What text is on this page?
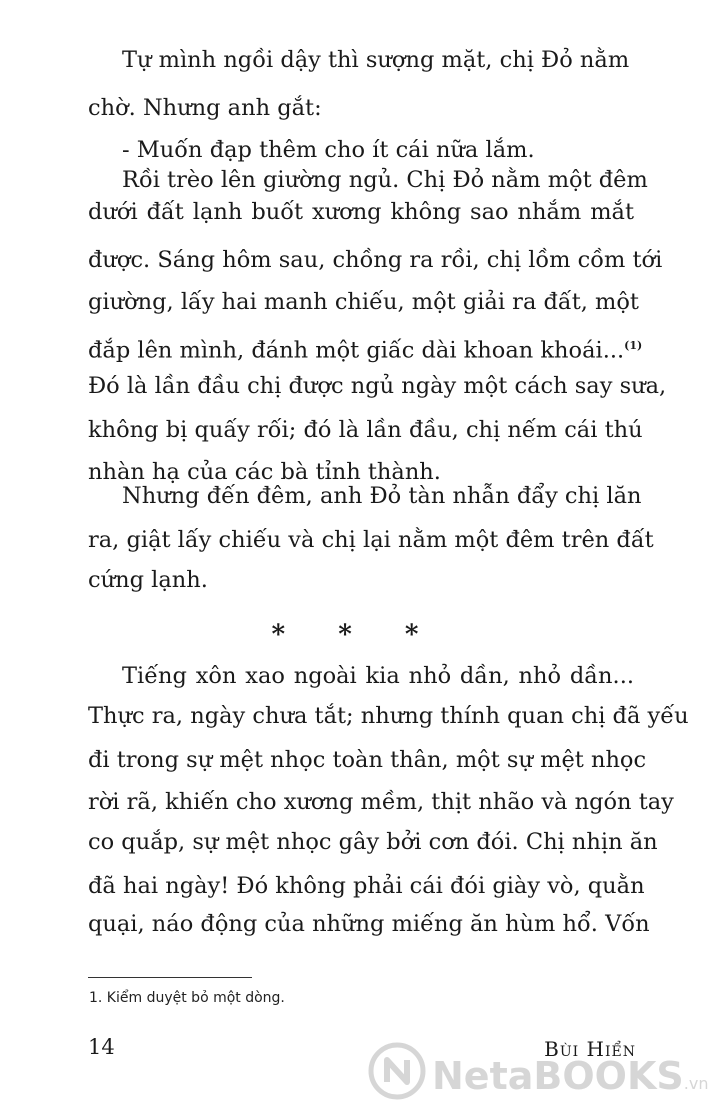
Tự mình ngồi dậy thì sượng mặt, chị Đỏ nằm
chờ. Nhưng anh gắt:
- Muốn đạp thêm cho ít cái nữa lắm.
Rồi trèo lên giường ngủ. Chị Đỏ nằm một đêm
dưới đất lạnh buốt xương không sao nhắm mắt
được. Sáng hôm sau, chồng ra rồi, chị lồm cồm tới
giường, lấy hai manh chiếu, một giải ra đất, một
đắp lên mình, đánh một giấc dài khoan khoái...$^{(1)}$
Đó là lần đầu chị được ngủ ngày một cách say sưa,
không bị quấy rối; đó là lần đầu, chị nếm cái thú
nhàn hạ của các bà tỉnh thành.
Nhưng đến đêm, anh Đỏ tàn nhẫn đẩy chị lăn
ra, giật lấy chiếu và chị lại nằm một đêm trên đất
cứng lạnh.
Tiếng xôn xao ngoài kia nhỏ dần, nhỏ dần...
Thực ra, ngày chưa tắt; nhưng thính quan chị đã yếu
đi trong sự mệt nhọc toàn thân, một sự mệt nhọc
rời rã, khiến cho xương mềm, thịt nhão và ngón tay
co quắp, sự mệt nhọc gây bởi cơn đói. Chị nhịn ăn
đã hai ngày! Đó không phải cái đói giày vò, quằn
quại, náo động của những miếng ăn hùm hổ. Vốn
* * *
1. Kiểm duyệt bỏ một dòng.
14	Bùi Hiển
NetaBOOKS.vn
